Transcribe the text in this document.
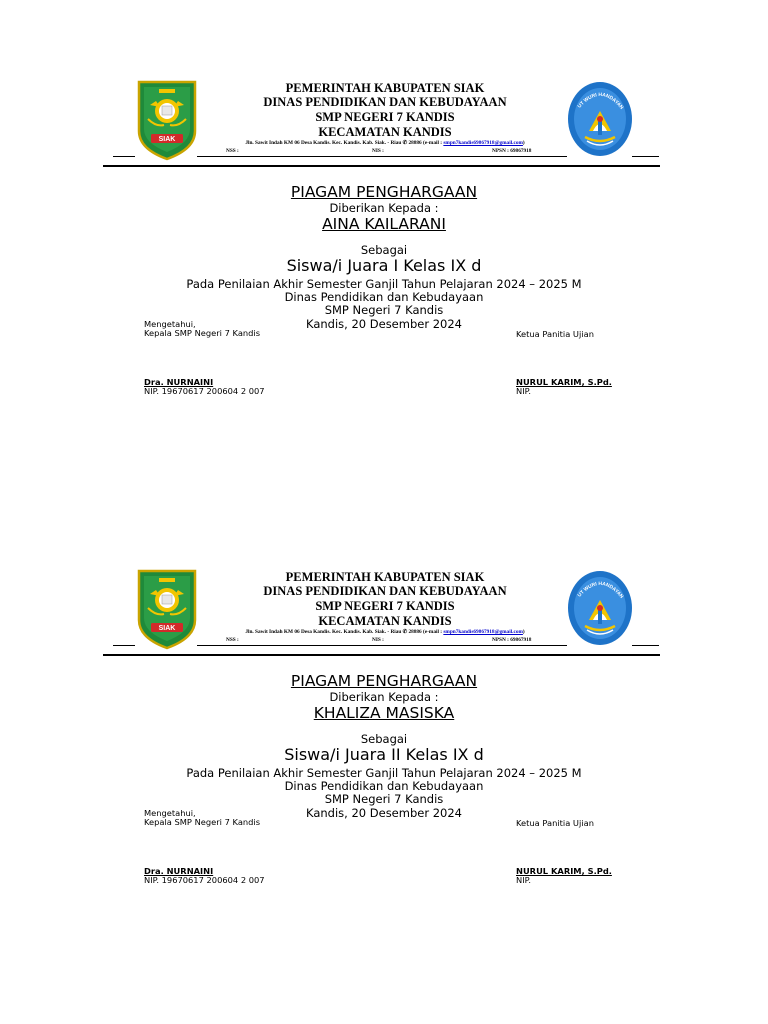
SIAK
UT WURI HANDAYAN
PEMERINTAH KABUPATEN SIAK
DINAS PENDIDIKAN DAN KEBUDAYAAN
SMP NEGERI 7 KANDIS
KECAMATAN KANDIS
Jln. Sawit Indah KM 06 Desa Kandis. Kec. Kandis. Kab. Siak. - Riau ✆ 28886 (e-mail : smpn7kandis69867918@gmail.com)
NSS :	NIS :	NPSN : 69867918
PIAGAM PENGHARGAAN
Diberikan Kepada :
AINA KAILARANI
Sebagai
Siswa/i Juara I Kelas IX d
Pada Penilaian Akhir Semester Ganjil Tahun Pelajaran 2024 – 2025 M
Dinas Pendidikan dan Kebudayaan
SMP Negeri 7 Kandis
Kandis, 20 Desember 2024
Mengetahui,
Kepala SMP Negeri 7 Kandis	Ketua Panitia Ujian
Dra. NURNAINI
NIP. 19670617 200604 2 007
NURUL KARIM, S.Pd.
NIP.
SIAK
UT WURI HANDAYAN
PEMERINTAH KABUPATEN SIAK
DINAS PENDIDIKAN DAN KEBUDAYAAN
SMP NEGERI 7 KANDIS
KECAMATAN KANDIS
Jln. Sawit Indah KM 06 Desa Kandis. Kec. Kandis. Kab. Siak. - Riau ✆ 28886 (e-mail : smpn7kandis69867918@gmail.com)
NSS :	NIS :	NPSN : 69867918
PIAGAM PENGHARGAAN
Diberikan Kepada :
KHALIZA MASISKA
Sebagai
Siswa/i Juara II Kelas IX d
Pada Penilaian Akhir Semester Ganjil Tahun Pelajaran 2024 – 2025 M
Dinas Pendidikan dan Kebudayaan
SMP Negeri 7 Kandis
Kandis, 20 Desember 2024
Mengetahui,
Kepala SMP Negeri 7 Kandis	Ketua Panitia Ujian
Dra. NURNAINI
NIP. 19670617 200604 2 007
NURUL KARIM, S.Pd.
NIP.
